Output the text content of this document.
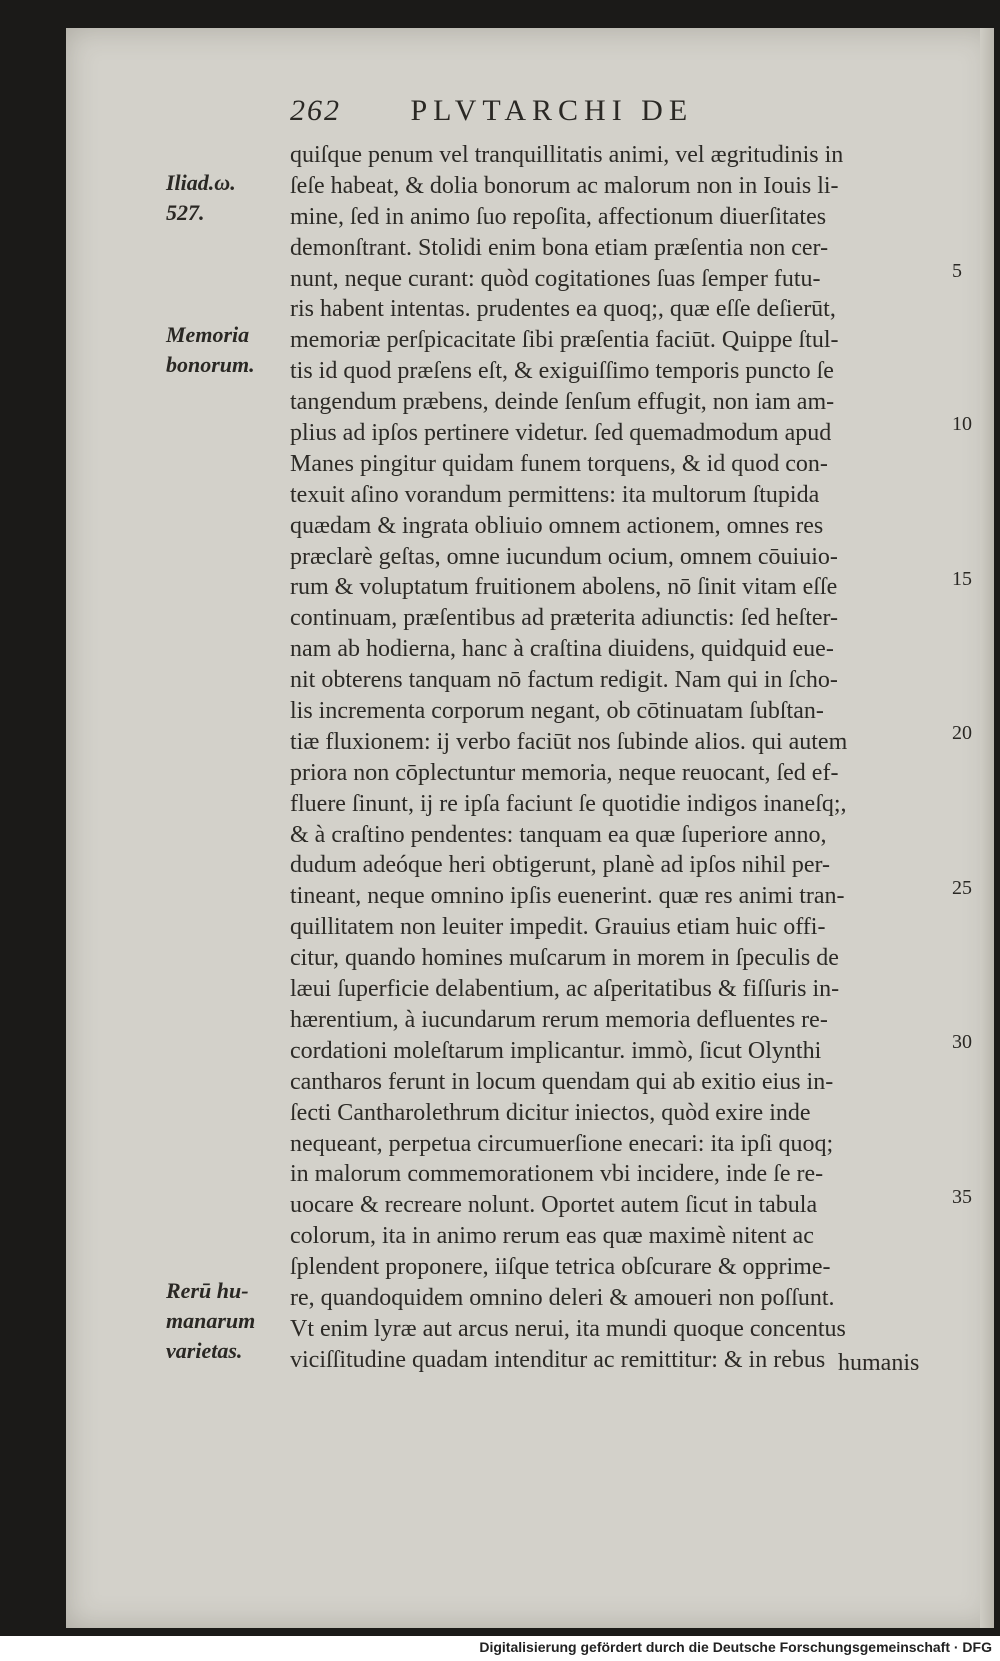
262 PLVTARCHI DE
quiſque penum vel tranquillitatis animi, vel ægritudinis in
ſeſe habeat, & dolia bonorum ac malorum non in Iouis li-
mine, ſed in animo ſuo repoſita, affectionum diuerſitates
demonſtrant. Stolidi enim bona etiam præſentia non cer-
nunt, neque curant: quòd cogitationes ſuas ſemper futu-
ris habent intentas. prudentes ea quoq;, quæ eſſe deſierūt,
memoriæ perſpicacitate ſibi præſentia faciūt. Quippe ſtul-
tis id quod præſens eſt, & exiguiſſimo temporis puncto ſe
tangendum præbens, deinde ſenſum effugit, non iam am-
plius ad ipſos pertinere videtur. ſed quemadmodum apud
Manes pingitur quidam funem torquens, & id quod con-
texuit aſino vorandum permittens: ita multorum ſtupida
quædam & ingrata obliuio omnem actionem, omnes res
præclarè geſtas, omne iucundum ocium, omnem cōuiuio-
rum & voluptatum fruitionem abolens, nō ſinit vitam eſſe
continuam, præſentibus ad præterita adiunctis: ſed heſter-
nam ab hodierna, hanc à craſtina diuidens, quidquid eue-
nit obterens tanquam nō factum redigit. Nam qui in ſcho-
lis incrementa corporum negant, ob cōtinuatam ſubſtan-
tiæ fluxionem: ij verbo faciūt nos ſubinde alios. qui autem
priora non cōplectuntur memoria, neque reuocant, ſed ef-
fluere ſinunt, ij re ipſa faciunt ſe quotidie indigos inaneſq;,
& à craſtino pendentes: tanquam ea quæ ſuperiore anno,
dudum adeóque heri obtigerunt, planè ad ipſos nihil per-
tineant, neque omnino ipſis euenerint. quæ res animi tran-
quillitatem non leuiter impedit. Grauius etiam huic offi-
citur, quando homines muſcarum in morem in ſpeculis de
læui ſuperficie delabentium, ac aſperitatibus & fiſſuris in-
hærentium, à iucundarum rerum memoria defluentes re-
cordationi moleſtarum implicantur. immò, ſicut Olynthi
cantharos ferunt in locum quendam qui ab exitio eius in-
ſecti Cantharolethrum dicitur iniectos, quòd exire inde
nequeant, perpetua circumuerſione enecari: ita ipſi quoq;
in malorum commemorationem vbi incidere, inde ſe re-
uocare & recreare nolunt. Oportet autem ſicut in tabula
colorum, ita in animo rerum eas quæ maximè nitent ac
ſplendent proponere, iiſque tetrica obſcurare & opprime-
re, quandoquidem omnino deleri & amoueri non poſſunt.
Vt enim lyræ aut arcus nerui, ita mundi quoque concentus
viciſſitudine quadam intenditur ac remittitur: & in rebus humanis
Iliad.ω.
527.
Memoria
bonorum.
Rerū hu-
manarum
varietas.
5
10
15
20
25
30
35
Digitalisierung gefördert durch die Deutsche Forschungsgemeinschaft · DFG
